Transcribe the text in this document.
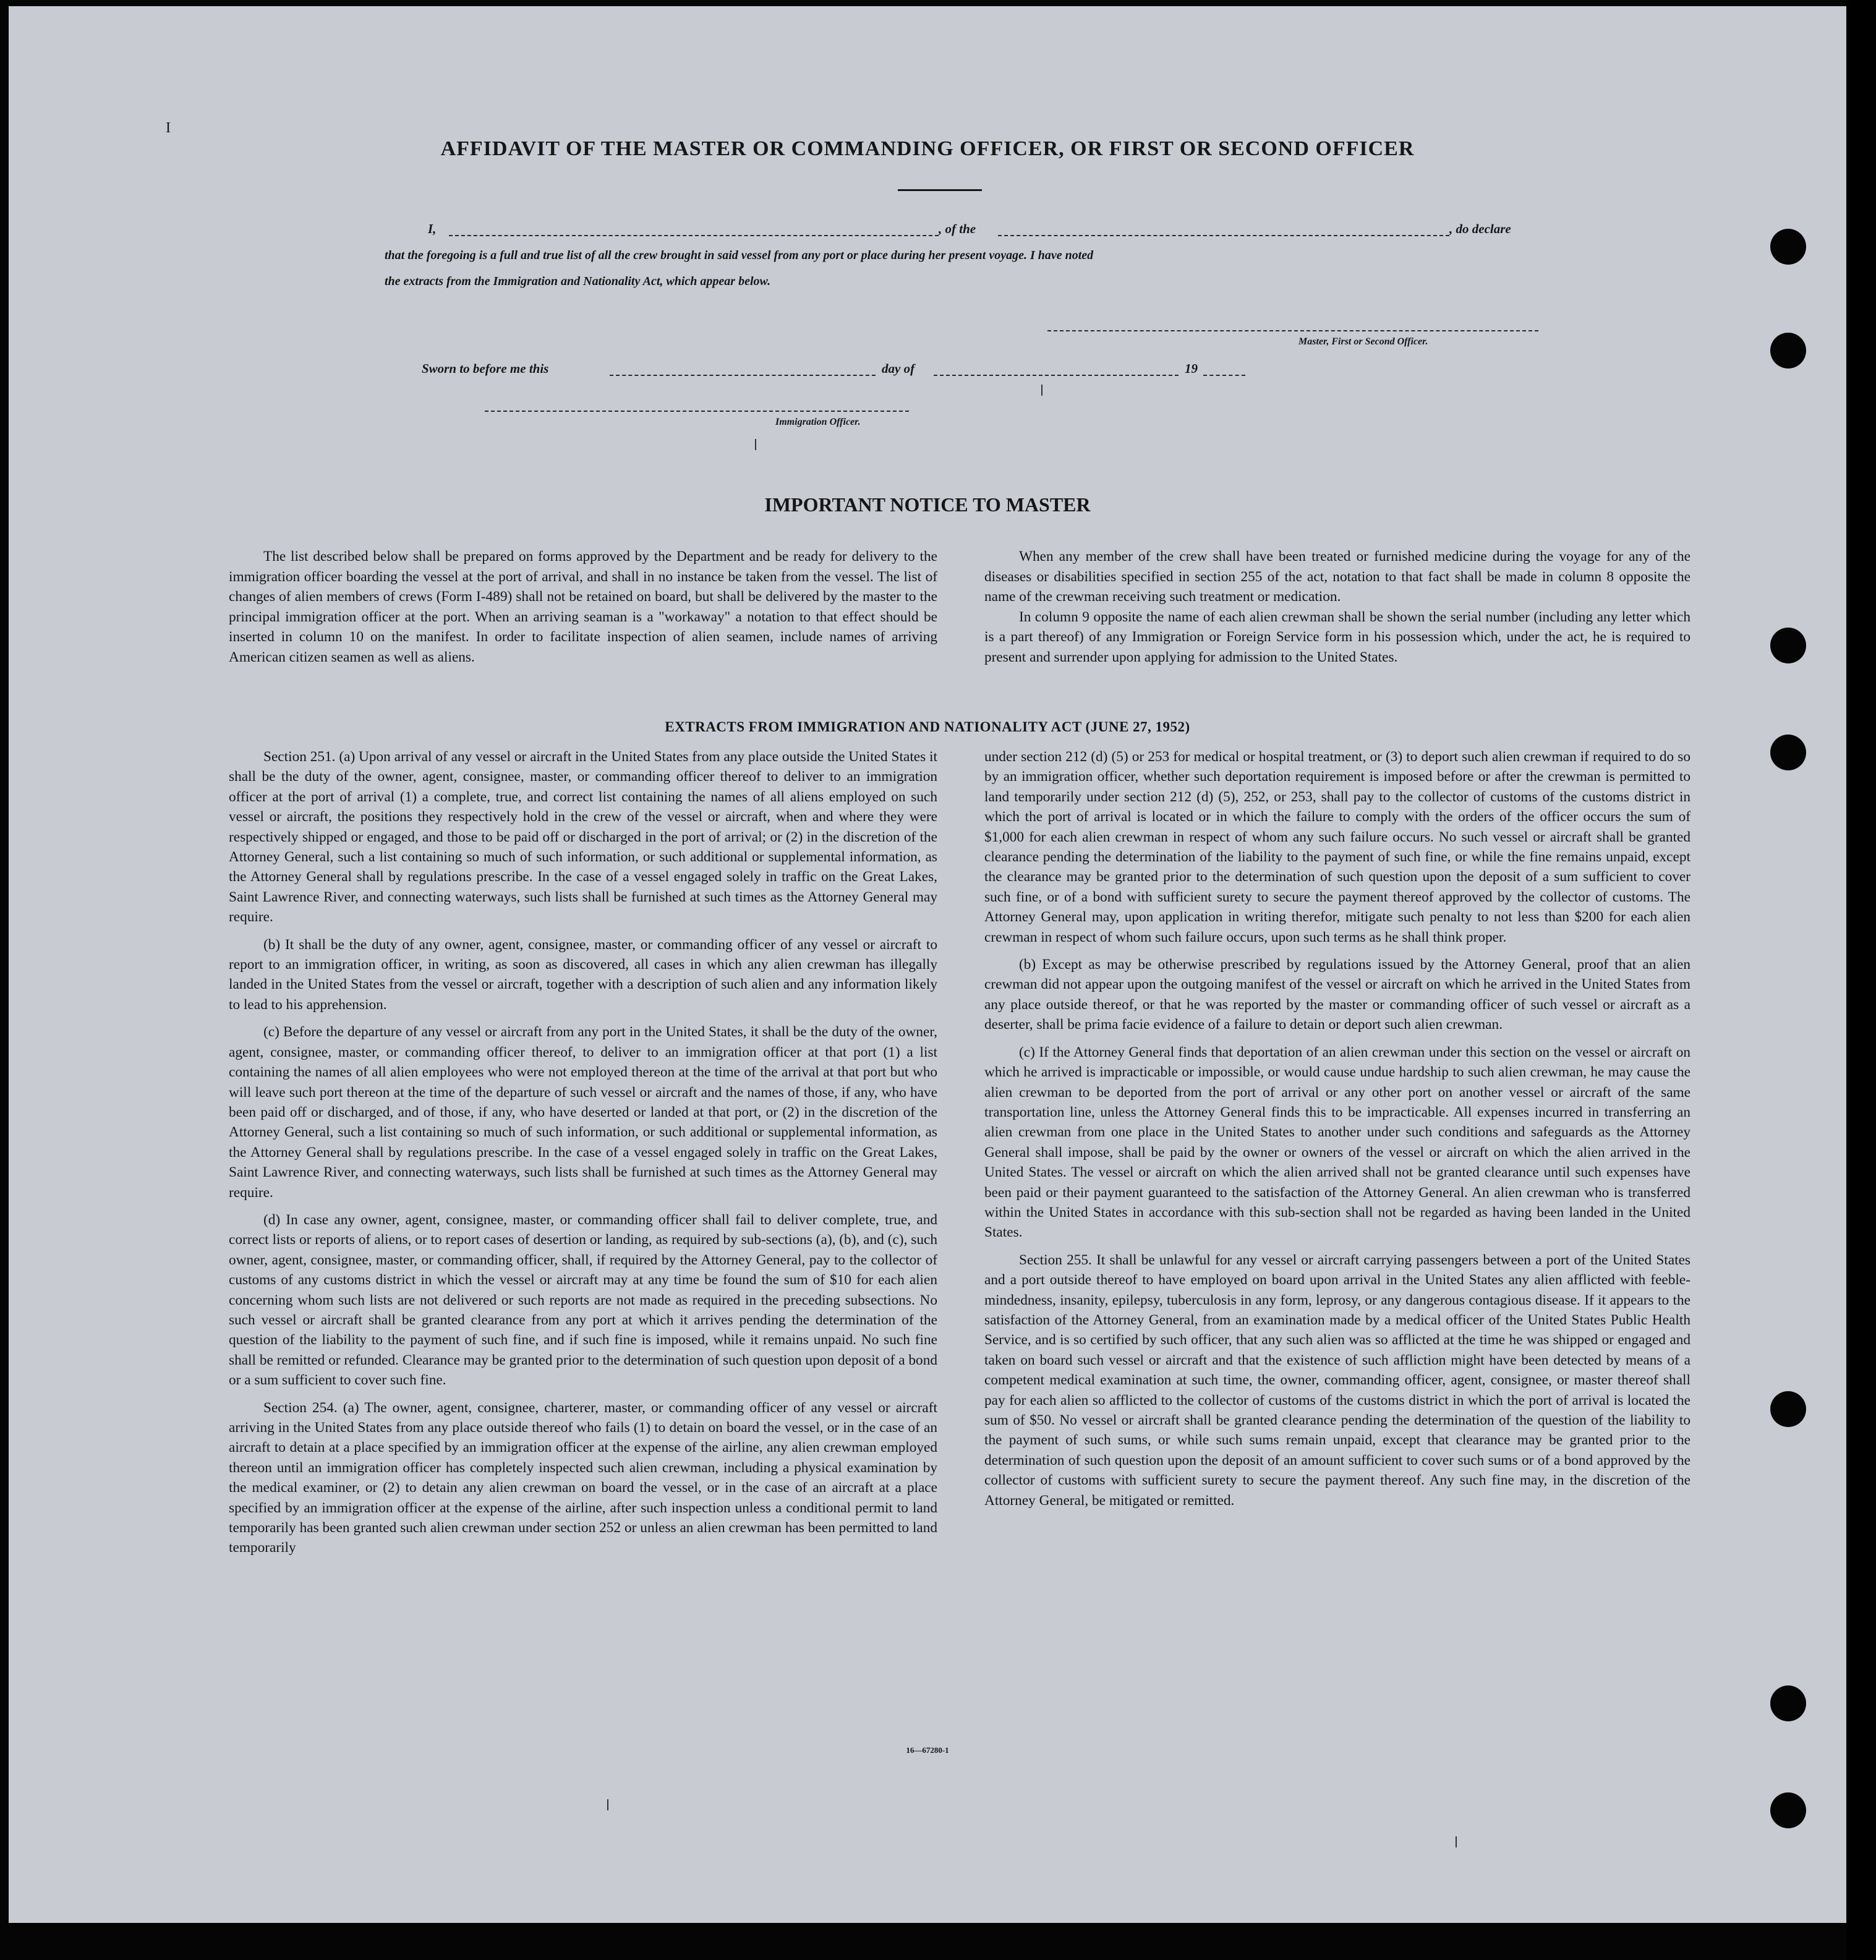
I
AFFIDAVIT OF THE MASTER OR COMMANDING OFFICER, OR FIRST OR SECOND OFFICER
I,	, of the	, do declare
that the foregoing is a full and true list of all the crew brought in said vessel from any port or place during her present voyage. I have noted
the extracts from the Immigration and Nationality Act, which appear below.
Master, First or Second Officer.
Sworn to before me this	day of	19
Immigration Officer.
IMPORTANT NOTICE TO MASTER

The list described below shall be prepared on forms approved by the Department and be ready for delivery to the immigration officer boarding the vessel at the port of arrival, and shall in no instance be taken from the vessel. The list of changes of alien members of crews (Form I-489) shall not be retained on board, but shall be delivered by the master to the principal immigration officer at the port. When an arriving seaman is a "workaway" a notation to that effect should be inserted in column 10 on the manifest. In order to facilitate inspection of alien seamen, include names of arriving American citizen seamen as well as aliens.

When any member of the crew shall have been treated or furnished medicine during the voyage for any of the diseases or disabilities specified in section 255 of the act, notation to that fact shall be made in column 8 opposite the name of the crewman receiving such treatment or medication.

In column 9 opposite the name of each alien crewman shall be shown the serial number (including any letter which is a part thereof) of any Immigration or Foreign Service form in his possession which, under the act, he is required to present and surrender upon applying for admission to the United States.

EXTRACTS FROM IMMIGRATION AND NATIONALITY ACT (JUNE 27, 1952)

Section 251. (a) Upon arrival of any vessel or aircraft in the United States from any place outside the United States it shall be the duty of the owner, agent, consignee, master, or commanding officer thereof to deliver to an immigration officer at the port of arrival (1) a complete, true, and correct list containing the names of all aliens employed on such vessel or aircraft, the positions they respectively hold in the crew of the vessel or aircraft, when and where they were respectively shipped or engaged, and those to be paid off or discharged in the port of arrival; or (2) in the discretion of the Attorney General, such a list containing so much of such information, or such additional or supplemental information, as the Attorney General shall by regulations prescribe. In the case of a vessel engaged solely in traffic on the Great Lakes, Saint Lawrence River, and connecting waterways, such lists shall be furnished at such times as the Attorney General may require.

(b) It shall be the duty of any owner, agent, consignee, master, or commanding officer of any vessel or aircraft to report to an immigration officer, in writing, as soon as discovered, all cases in which any alien crewman has illegally landed in the United States from the vessel or aircraft, together with a description of such alien and any information likely to lead to his apprehension.

(c) Before the departure of any vessel or aircraft from any port in the United States, it shall be the duty of the owner, agent, consignee, master, or commanding officer thereof, to deliver to an immigration officer at that port (1) a list containing the names of all alien employees who were not employed thereon at the time of the arrival at that port but who will leave such port thereon at the time of the departure of such vessel or aircraft and the names of those, if any, who have been paid off or discharged, and of those, if any, who have deserted or landed at that port, or (2) in the discretion of the Attorney General, such a list containing so much of such information, or such additional or supplemental information, as the Attorney General shall by regulations prescribe. In the case of a vessel engaged solely in traffic on the Great Lakes, Saint Lawrence River, and connecting waterways, such lists shall be furnished at such times as the Attorney General may require.

(d) In case any owner, agent, consignee, master, or commanding officer shall fail to deliver complete, true, and correct lists or reports of aliens, or to report cases of desertion or landing, as required by sub-sections (a), (b), and (c), such owner, agent, consignee, master, or commanding officer, shall, if required by the Attorney General, pay to the collector of customs of any customs district in which the vessel or aircraft may at any time be found the sum of $10 for each alien concerning whom such lists are not delivered or such reports are not made as required in the preceding subsections. No such vessel or aircraft shall be granted clearance from any port at which it arrives pending the determination of the question of the liability to the payment of such fine, and if such fine is imposed, while it remains unpaid. No such fine shall be remitted or refunded. Clearance may be granted prior to the determination of such question upon deposit of a bond or a sum sufficient to cover such fine.

Section 254. (a) The owner, agent, consignee, charterer, master, or commanding officer of any vessel or aircraft arriving in the United States from any place outside thereof who fails (1) to detain on board the vessel, or in the case of an aircraft to detain at a place specified by an immigration officer at the expense of the airline, any alien crewman employed thereon until an immigration officer has completely inspected such alien crewman, including a physical examination by the medical examiner, or (2) to detain any alien crewman on board the vessel, or in the case of an aircraft at a place specified by an immigration officer at the expense of the airline, after such inspection unless a conditional permit to land temporarily has been granted such alien crewman under section 252 or unless an alien crewman has been permitted to land temporarily

under section 212 (d) (5) or 253 for medical or hospital treatment, or (3) to deport such alien crewman if required to do so by an immigration officer, whether such deportation requirement is imposed before or after the crewman is permitted to land temporarily under section 212 (d) (5), 252, or 253, shall pay to the collector of customs of the customs district in which the port of arrival is located or in which the failure to comply with the orders of the officer occurs the sum of $1,000 for each alien crewman in respect of whom any such failure occurs. No such vessel or aircraft shall be granted clearance pending the determination of the liability to the payment of such fine, or while the fine remains unpaid, except the clearance may be granted prior to the determination of such question upon the deposit of a sum sufficient to cover such fine, or of a bond with sufficient surety to secure the payment thereof approved by the collector of customs. The Attorney General may, upon application in writing therefor, mitigate such penalty to not less than $200 for each alien crewman in respect of whom such failure occurs, upon such terms as he shall think proper.

(b) Except as may be otherwise prescribed by regulations issued by the Attorney General, proof that an alien crewman did not appear upon the outgoing manifest of the vessel or aircraft on which he arrived in the United States from any place outside thereof, or that he was reported by the master or commanding officer of such vessel or aircraft as a deserter, shall be prima facie evidence of a failure to detain or deport such alien crewman.

(c) If the Attorney General finds that deportation of an alien crewman under this section on the vessel or aircraft on which he arrived is impracticable or impossible, or would cause undue hardship to such alien crewman, he may cause the alien crewman to be deported from the port of arrival or any other port on another vessel or aircraft of the same transportation line, unless the Attorney General finds this to be impracticable. All expenses incurred in transferring an alien crewman from one place in the United States to another under such conditions and safeguards as the Attorney General shall impose, shall be paid by the owner or owners of the vessel or aircraft on which the alien arrived in the United States. The vessel or aircraft on which the alien arrived shall not be granted clearance until such expenses have been paid or their payment guaranteed to the satisfaction of the Attorney General. An alien crewman who is transferred within the United States in accordance with this sub-section shall not be regarded as having been landed in the United States.

Section 255. It shall be unlawful for any vessel or aircraft carrying passengers between a port of the United States and a port outside thereof to have employed on board upon arrival in the United States any alien afflicted with feeble-mindedness, insanity, epilepsy, tuberculosis in any form, leprosy, or any dangerous contagious disease. If it appears to the satisfaction of the Attorney General, from an examination made by a medical officer of the United States Public Health Service, and is so certified by such officer, that any such alien was so afflicted at the time he was shipped or engaged and taken on board such vessel or aircraft and that the existence of such affliction might have been detected by means of a competent medical examination at such time, the owner, commanding officer, agent, consignee, or master thereof shall pay for each alien so afflicted to the collector of customs of the customs district in which the port of arrival is located the sum of $50. No vessel or aircraft shall be granted clearance pending the determination of the question of the liability to the payment of such sums, or while such sums remain unpaid, except that clearance may be granted prior to the determination of such question upon the deposit of an amount sufficient to cover such sums or of a bond approved by the collector of customs with sufficient surety to secure the payment thereof. Any such fine may, in the discretion of the Attorney General, be mitigated or remitted.

16—67280-1
